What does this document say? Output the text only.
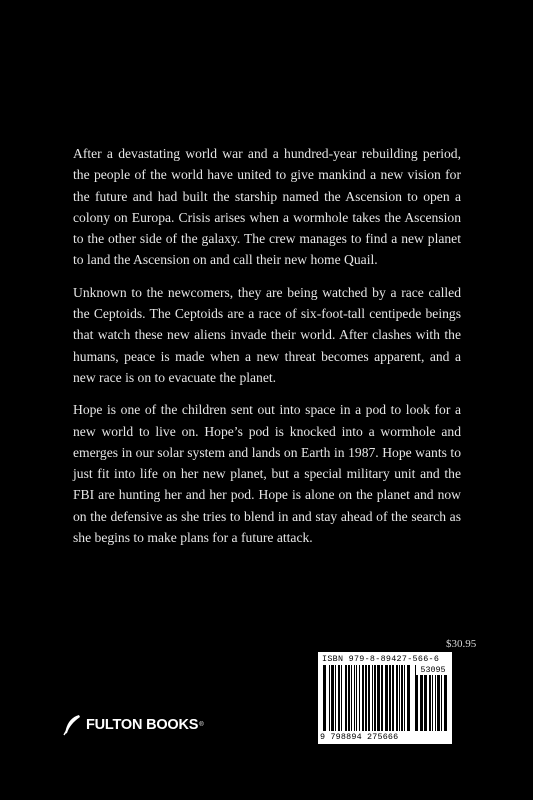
After a devastating world war and a hundred-year rebuilding period, the people of the world have united to give mankind a new vision for the future and had built the starship named the Ascension to open a colony on Europa. Crisis arises when a wormhole takes the Ascension to the other side of the galaxy. The crew manages to find a new planet to land the Ascension on and call their new home Quail.

Unknown to the newcomers, they are being watched by a race called the Ceptoids. The Ceptoids are a race of six-foot-tall centipede beings that watch these new aliens invade their world. After clashes with the humans, peace is made when a new threat becomes apparent, and a new race is on to evacuate the planet.

Hope is one of the children sent out into space in a pod to look for a new world to live on. Hope’s pod is knocked into a wormhole and emerges in our solar system and lands on Earth in 1987. Hope wants to just fit into life on her new planet, but a special military unit and the FBI are hunting her and her pod. Hope is alone on the planet and now on the defensive as she tries to blend in and stay ahead of the search as she begins to make plans for a future attack.

$30.95
ISBN 979-8-89427-566-6
53095
9 798894 275666
FULTON BOOKS ®
